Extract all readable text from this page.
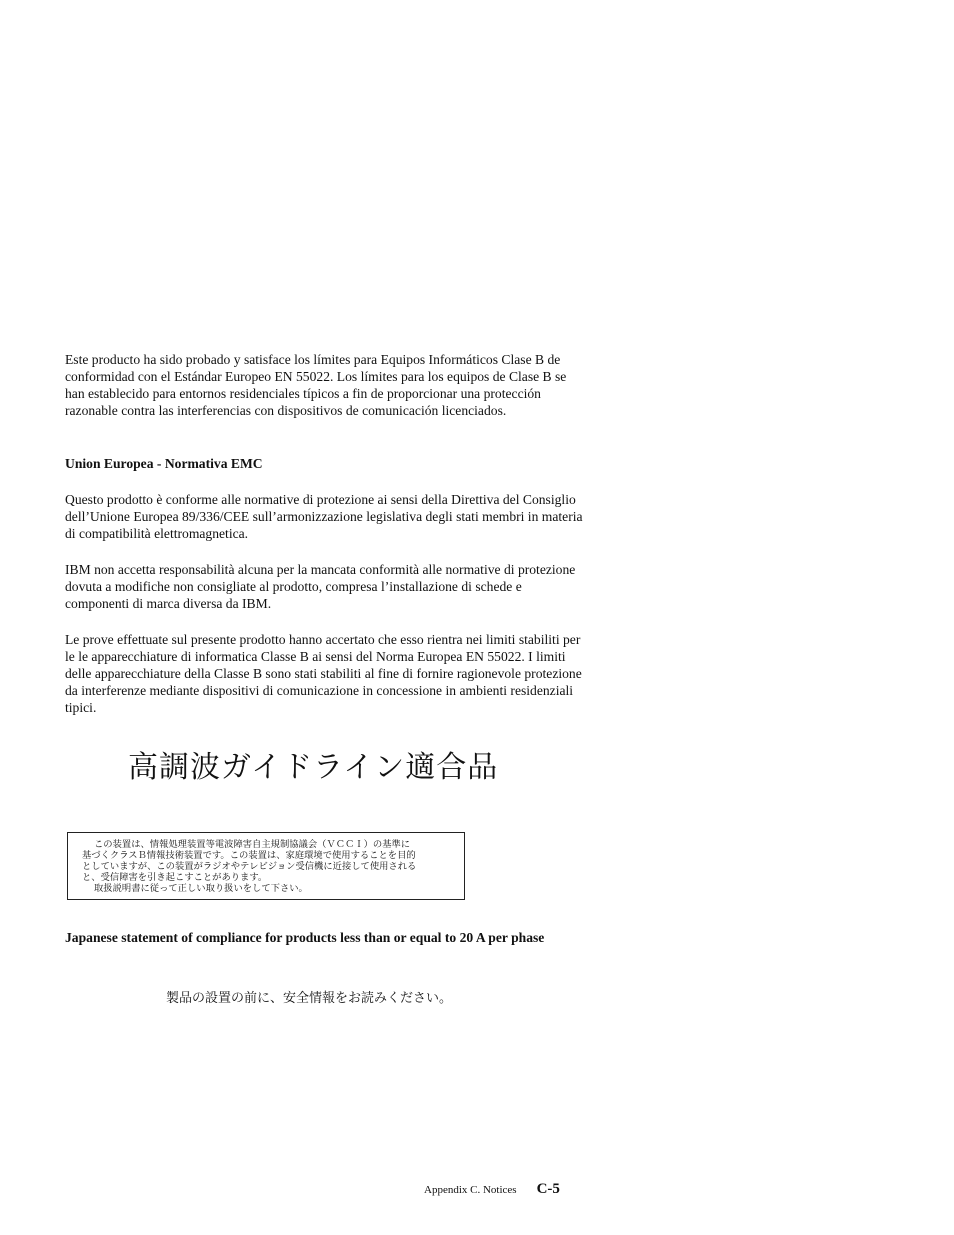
Este producto ha sido probado y satisface los límites para Equipos Informáticos Clase B de conformidad con el Estándar Europeo EN 55022. Los límites para los equipos de Clase B se han establecido para entornos residenciales típicos a fin de proporcionar una protección razonable contra las interferencias con dispositivos de comunicación licenciados.

Union Europea - Normativa EMC

Questo prodotto è conforme alle normative di protezione ai sensi della Direttiva del Consiglio dell’Unione Europea 89/336/CEE sull’armonizzazione legislativa degli stati membri in materia di compatibilità elettromagnetica.

IBM non accetta responsabilità alcuna per la mancata conformità alle normative di protezione dovuta a modifiche non consigliate al prodotto, compresa l’installazione di schede e componenti di marca diversa da IBM.

Le prove effettuate sul presente prodotto hanno accertato che esso rientra nei limiti stabiliti per le le apparecchiature di informatica Classe B ai sensi del Norma Europea EN 55022. I limiti delle apparecchiature della Classe B sono stati stabiliti al fine di fornire ragionevole protezione da interferenze mediante dispositivi di comunicazione in concessione in ambienti residenziali tipici.

高調波ガイドライン適合品
この装置は、情報処理装置等電波障害自主規制協議会（ＶＣＣＩ）の基準に
基づくクラスＢ情報技術装置です。この装置は、家庭環境で使用することを目的
としていますが、この装置がラジオやテレビジョン受信機に近接して使用される
と、受信障害を引き起こすことがあります。
取扱説明書に従って正しい取り扱いをして下さい。

Japanese statement of compliance for products less than or equal to 20 A per phase

製品の設置の前に、安全情報をお読みください。
Appendix C. Notices C-5
